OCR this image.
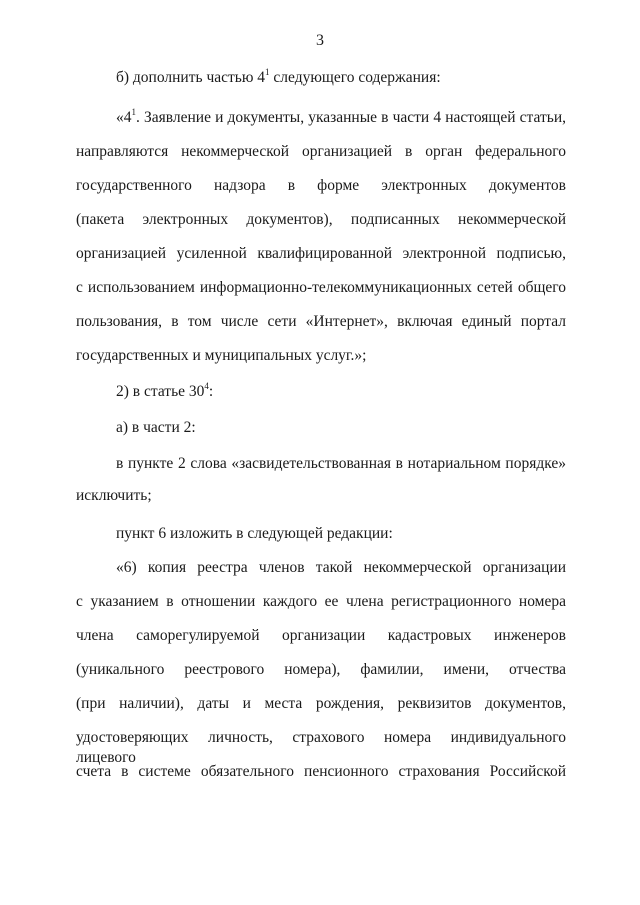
3
б) дополнить частью $4^1$ следующего содержания:
«$4^1$. Заявление и документы, указанные в части 4 настоящей статьи,
направляются некоммерческой организацией в орган федерального
государственного надзора в форме электронных документов
(пакета электронных документов), подписанных некоммерческой
организацией усиленной квалифицированной электронной подписью,
с использованием информационно-телекоммуникационных сетей общего
пользования, в том числе сети «Интернет», включая единый портал
государственных и муниципальных услуг.»;
2) в статье $30^4$:
а) в части 2:
в пункте 2 слова «засвидетельствованная в нотариальном порядке»
исключить;
пункт 6 изложить в следующей редакции:
«6) копия реестра членов такой некоммерческой организации
с указанием в отношении каждого ее члена регистрационного номера
члена саморегулируемой организации кадастровых инженеров
(уникального реестрового номера), фамилии, имени, отчества
(при наличии), даты и места рождения, реквизитов документов,
удостоверяющих личность, страхового номера индивидуального лицевого
счета в системе обязательного пенсионного страхования Российской
